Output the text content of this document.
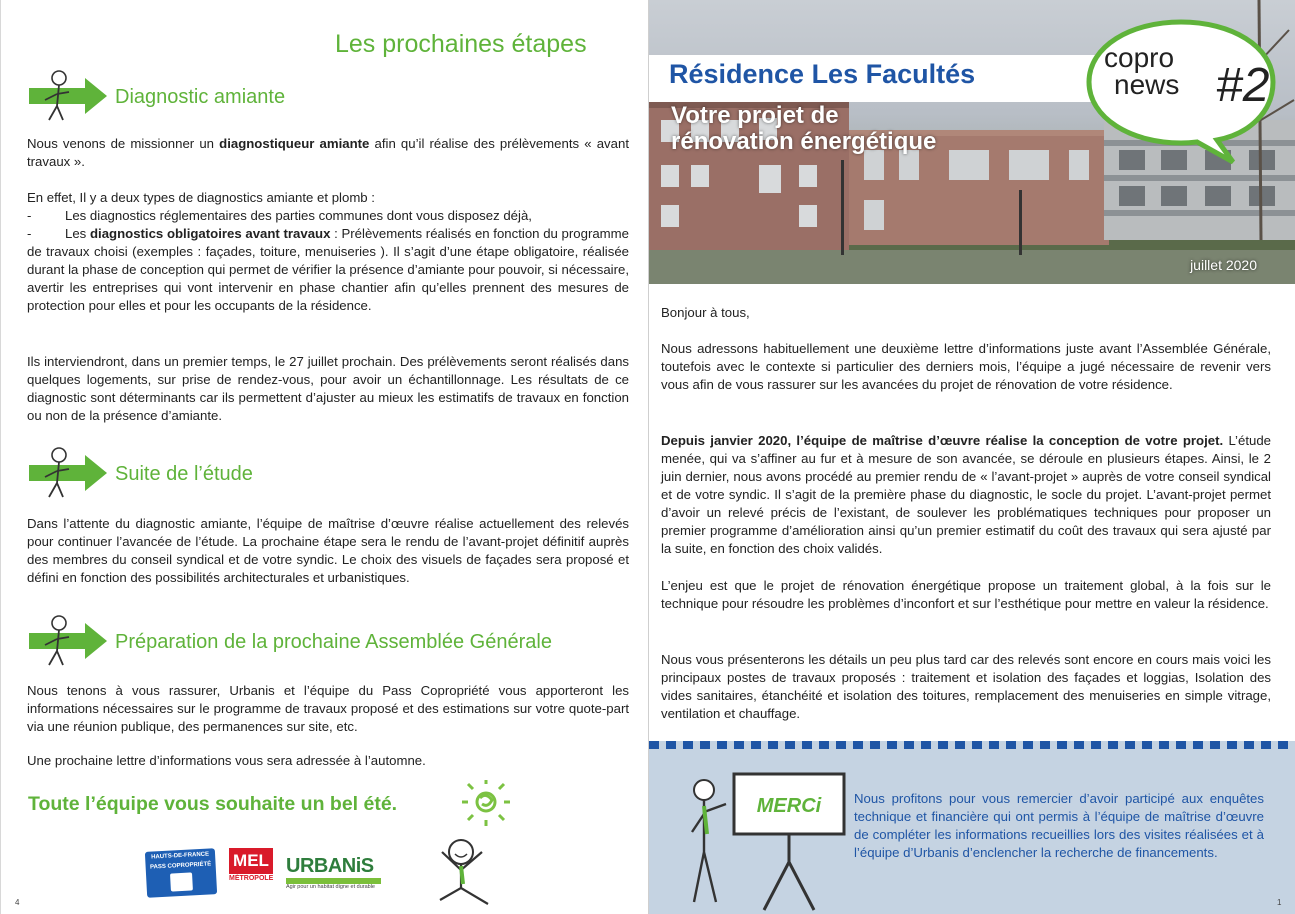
Les prochaines étapes
Diagnostic amiante
Nous venons de missionner un diagnostiqueur amiante afin qu’il réalise des prélèvements « avant travaux ».
En effet, Il y a deux types de diagnostics amiante et plomb :
-	Les diagnostics réglementaires des parties communes dont vous disposez déjà,
-	Les diagnostics obligatoires avant travaux : Prélèvements réalisés en fonction du programme de travaux choisi (exemples : façades, toiture, menuiseries ). Il s’agit d’une étape obligatoire, réalisée durant la phase de conception qui permet de vérifier la présence d’amiante pour pouvoir, si nécessaire, avertir les entreprises qui vont intervenir en phase chantier afin qu’elles prennent des mesures de protection pour elles et pour les occupants de la résidence.
Ils interviendront, dans un premier temps, le 27 juillet prochain. Des prélèvements seront réalisés dans quelques logements, sur prise de rendez-vous, pour avoir un échantillonnage. Les résultats de ce diagnostic sont déterminants car ils permettent d’ajuster au mieux les estimatifs de travaux en fonction ou non de la présence d’amiante.
Suite de l’étude
Dans l’attente du diagnostic amiante, l’équipe de maîtrise d’œuvre réalise actuellement des relevés pour continuer l’avancée de l’étude. La prochaine étape sera le rendu de l’avant-projet définitif auprès des membres du conseil syndical et de votre syndic. Le choix des visuels de façades sera proposé et défini en fonction des possibilités architecturales et urbanistiques.
Préparation de la prochaine Assemblée Générale
Nous tenons à vous rassurer, Urbanis et l’équipe du Pass Copropriété vous apporteront les informations nécessaires sur le programme de travaux proposé et des estimations sur votre quote-part via une réunion publique, des permanences sur site, etc.
Une prochaine lettre d’informations vous sera adressée à l’automne.
Toute l’équipe vous souhaite un bel été.
HAUTS-DE-FRANCE
PASS COPROPRIÉTÉ MEL
MÉTROPOLE
URBANiS
Agir pour un habitat digne et durable
4
Résidence Les Facultés
Votre projet de
rénovation énergétique
juillet 2020
copro
news #2
Bonjour à tous,
Nous adressons habituellement une deuxième lettre d’informations juste avant l’Assemblée Générale, toutefois avec le contexte si particulier des derniers mois, l’équipe a jugé nécessaire de revenir vers vous afin de vous rassurer sur les avancées du projet de rénovation de votre résidence.
Depuis janvier 2020, l’équipe de maîtrise d’œuvre réalise la conception de votre projet. L’étude menée, qui va s’affiner au fur et à mesure de son avancée, se déroule en plusieurs étapes. Ainsi, le 2 juin dernier, nous avons procédé au premier rendu de « l’avant-projet » auprès de votre conseil syndical et de votre syndic. Il s’agit de la première phase du diagnostic, le socle du projet. L’avant-projet permet d’avoir un relevé précis de l’existant, de soulever les problématiques techniques pour proposer un premier programme d’amélioration ainsi qu’un premier estimatif du coût des travaux qui sera ajusté par la suite, en fonction des choix validés.
L’enjeu est que le projet de rénovation énergétique propose un traitement global, à la fois sur le technique pour résoudre les problèmes d’inconfort et sur l’esthétique pour mettre en valeur la résidence.
Nous vous présenterons les détails un peu plus tard car des relevés sont encore en cours mais voici les principaux postes de travaux proposés : traitement et isolation des façades et loggias, Isolation des vides sanitaires, étanchéité et isolation des toitures, remplacement des menuiseries en simple vitrage, ventilation et chauffage.
MERCi Nous profitons pour vous remercier d’avoir participé aux enquêtes technique et financière qui ont permis à l’équipe de maîtrise d’œuvre de compléter les informations recueillies lors des visites réalisées et à l’équipe d’Urbanis d’enclencher la recherche de financements.
1
